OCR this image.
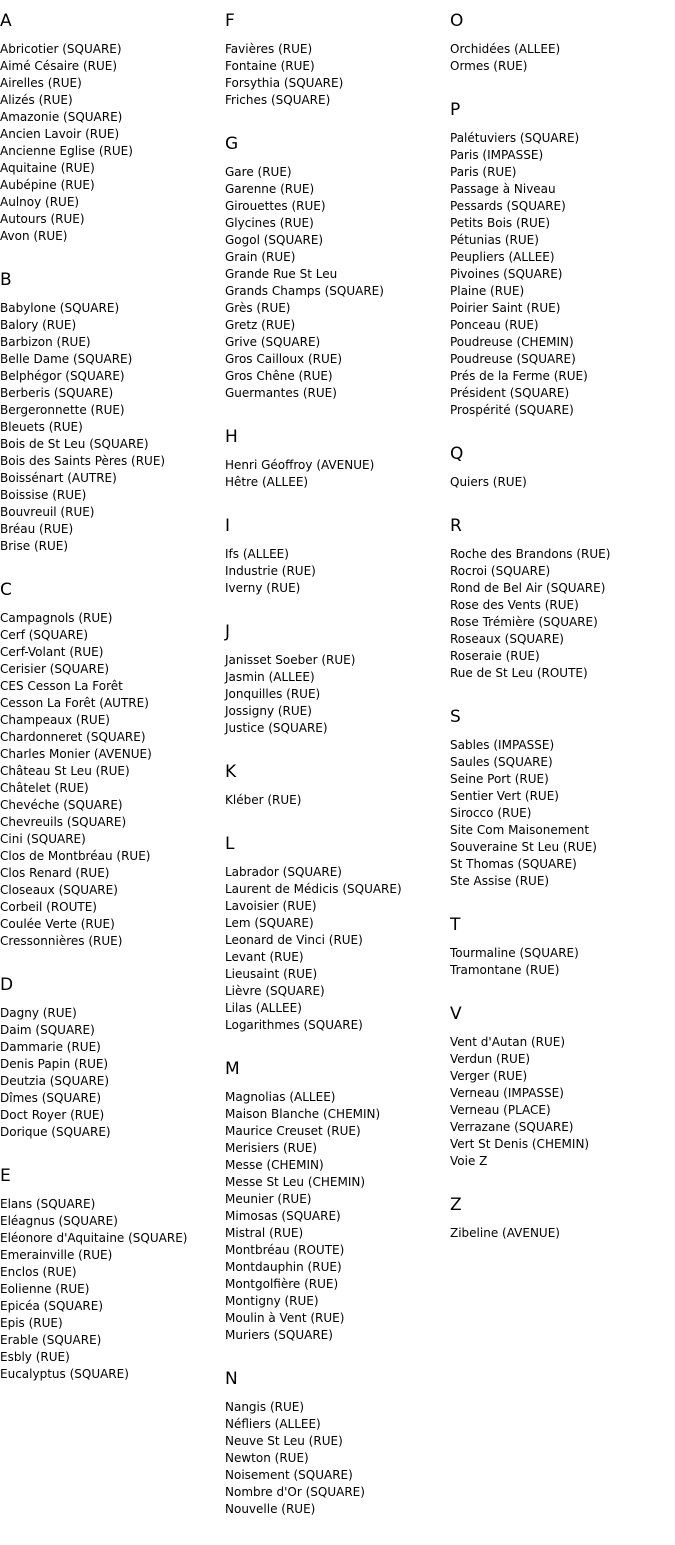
A
Abricotier (SQUARE)
Aimé Césaire (RUE)
Airelles (RUE)
Alizés (RUE)
Amazonie (SQUARE)
Ancien Lavoir (RUE)
Ancienne Eglise (RUE)
Aquitaine (RUE)
Aubépine (RUE)
Aulnoy (RUE)
Autours (RUE)
Avon (RUE)
B
Babylone (SQUARE)
Balory (RUE)
Barbizon (RUE)
Belle Dame (SQUARE)
Belphégor (SQUARE)
Berberis (SQUARE)
Bergeronnette (RUE)
Bleuets (RUE)
Bois de St Leu (SQUARE)
Bois des Saints Pères (RUE)
Boissénart (AUTRE)
Boissise (RUE)
Bouvreuil (RUE)
Bréau (RUE)
Brise (RUE)
C
Campagnols (RUE)
Cerf (SQUARE)
Cerf-Volant (RUE)
Cerisier (SQUARE)
CES Cesson La Forêt
Cesson La Forêt (AUTRE)
Champeaux (RUE)
Chardonneret (SQUARE)
Charles Monier (AVENUE)
Château St Leu (RUE)
Châtelet (RUE)
Chevéche (SQUARE)
Chevreuils (SQUARE)
Cini (SQUARE)
Clos de Montbréau (RUE)
Clos Renard (RUE)
Closeaux (SQUARE)
Corbeil (ROUTE)
Coulée Verte (RUE)
Cressonnières (RUE)
D
Dagny (RUE)
Daim (SQUARE)
Dammarie (RUE)
Denis Papin (RUE)
Deutzia (SQUARE)
Dîmes (SQUARE)
Doct Royer (RUE)
Dorique (SQUARE)
E
Elans (SQUARE)
Eléagnus (SQUARE)
Eléonore d'Aquitaine (SQUARE)
Emerainville (RUE)
Enclos (RUE)
Eolienne (RUE)
Epicéa (SQUARE)
Epis (RUE)
Erable (SQUARE)
Esbly (RUE)
Eucalyptus (SQUARE)
F
Favières (RUE)
Fontaine (RUE)
Forsythia (SQUARE)
Friches (SQUARE)
G
Gare (RUE)
Garenne (RUE)
Girouettes (RUE)
Glycines (RUE)
Gogol (SQUARE)
Grain (RUE)
Grande Rue St Leu
Grands Champs (SQUARE)
Grès (RUE)
Gretz (RUE)
Grive (SQUARE)
Gros Cailloux (RUE)
Gros Chêne (RUE)
Guermantes (RUE)
H
Henri Géoffroy (AVENUE)
Hêtre (ALLEE)
I
Ifs (ALLEE)
Industrie (RUE)
Iverny (RUE)
J
Janisset Soeber (RUE)
Jasmin (ALLEE)
Jonquilles (RUE)
Jossigny (RUE)
Justice (SQUARE)
K
Kléber (RUE)
L
Labrador (SQUARE)
Laurent de Médicis (SQUARE)
Lavoisier (RUE)
Lem (SQUARE)
Leonard de Vinci (RUE)
Levant (RUE)
Lieusaint (RUE)
Lièvre (SQUARE)
Lilas (ALLEE)
Logarithmes (SQUARE)
M
Magnolias (ALLEE)
Maison Blanche (CHEMIN)
Maurice Creuset (RUE)
Merisiers (RUE)
Messe (CHEMIN)
Messe St Leu (CHEMIN)
Meunier (RUE)
Mimosas (SQUARE)
Mistral (RUE)
Montbréau (ROUTE)
Montdauphin (RUE)
Montgolfière (RUE)
Montigny (RUE)
Moulin à Vent (RUE)
Muriers (SQUARE)
N
Nangis (RUE)
Néfliers (ALLEE)
Neuve St Leu (RUE)
Newton (RUE)
Noisement (SQUARE)
Nombre d'Or (SQUARE)
Nouvelle (RUE)
O
Orchidées (ALLEE)
Ormes (RUE)
P
Palétuviers (SQUARE)
Paris (IMPASSE)
Paris (RUE)
Passage à Niveau
Pessards (SQUARE)
Petits Bois (RUE)
Pétunias (RUE)
Peupliers (ALLEE)
Pivoines (SQUARE)
Plaine (RUE)
Poirier Saint (RUE)
Ponceau (RUE)
Poudreuse (CHEMIN)
Poudreuse (SQUARE)
Prés de la Ferme (RUE)
Président (SQUARE)
Prospérité (SQUARE)
Q
Quiers (RUE)
R
Roche des Brandons (RUE)
Rocroi (SQUARE)
Rond de Bel Air (SQUARE)
Rose des Vents (RUE)
Rose Trémière (SQUARE)
Roseaux (SQUARE)
Roseraie (RUE)
Rue de St Leu (ROUTE)
S
Sables (IMPASSE)
Saules (SQUARE)
Seine Port (RUE)
Sentier Vert (RUE)
Sirocco (RUE)
Site Com Maisonement
Souveraine St Leu (RUE)
St Thomas (SQUARE)
Ste Assise (RUE)
T
Tourmaline (SQUARE)
Tramontane (RUE)
V
Vent d'Autan (RUE)
Verdun (RUE)
Verger (RUE)
Verneau (IMPASSE)
Verneau (PLACE)
Verrazane (SQUARE)
Vert St Denis (CHEMIN)
Voie Z
Z
Zibeline (AVENUE)
